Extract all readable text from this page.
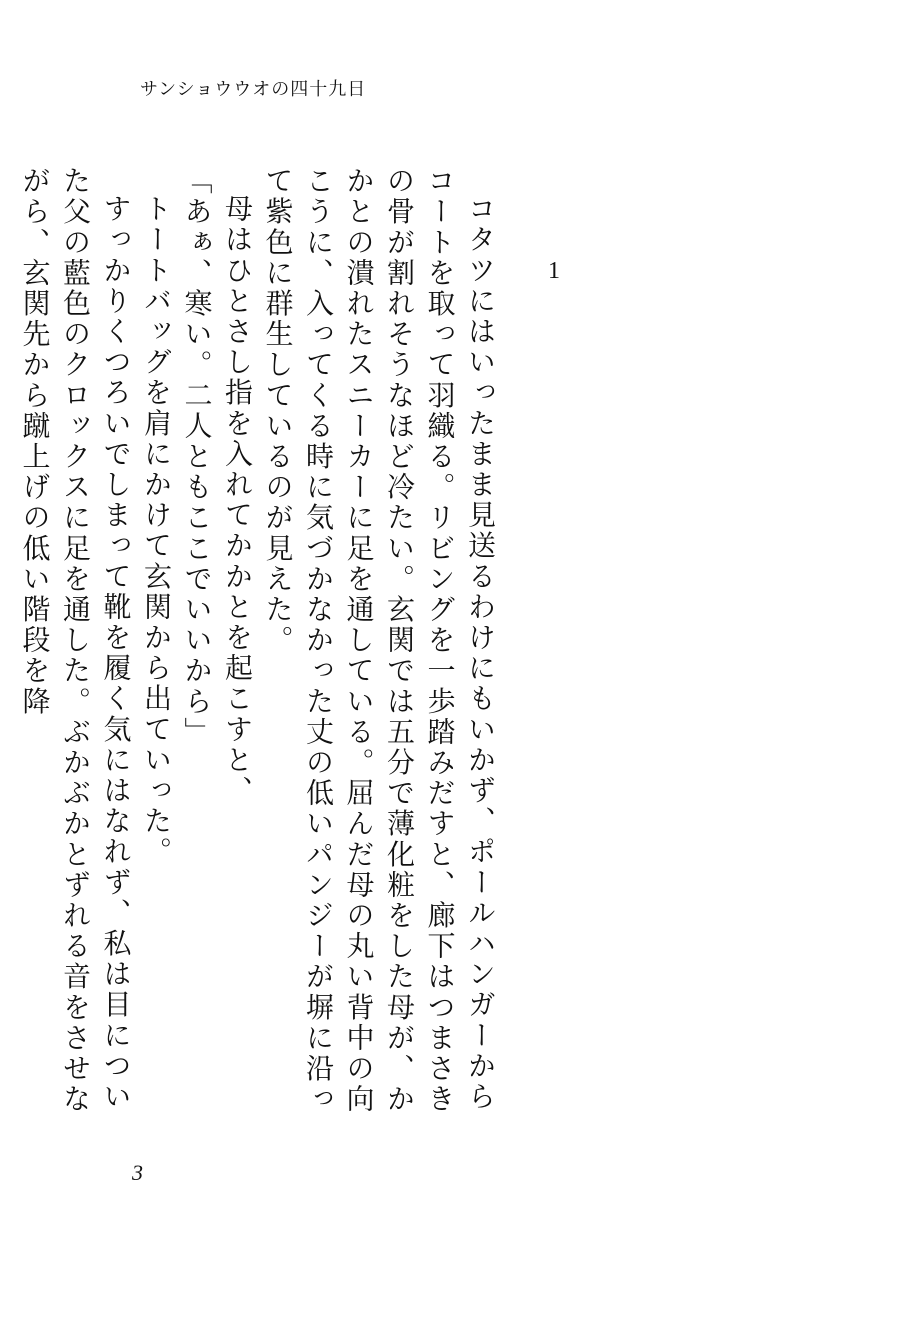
サンショウウオの四十九日
1

コタツにはいったまま見送るわけにもいかず、ポールハンガーからコートを取って羽織る。リビングを一歩踏みだすと、廊下はつまさきの骨が割れそうなほど冷たい。玄関では五分で薄化粧をした母が、かかとの潰れたスニーカーに足を通している。屈んだ母の丸い背中の向こうに、入ってくる時に気づかなかった丈の低いパンジーが塀に沿って紫色に群生しているのが見えた。

母はひとさし指を入れてかかとを起こすと、

「あぁ、寒い。二人ともここでいいから」

トートバッグを肩にかけて玄関から出ていった。

すっかりくつろいでしまって靴を履く気にはなれず、私は目についた父の藍色のクロックスに足を通した。ぶかぶかとずれる音をさせながら、玄関先から蹴上げの低い階段を降

3
